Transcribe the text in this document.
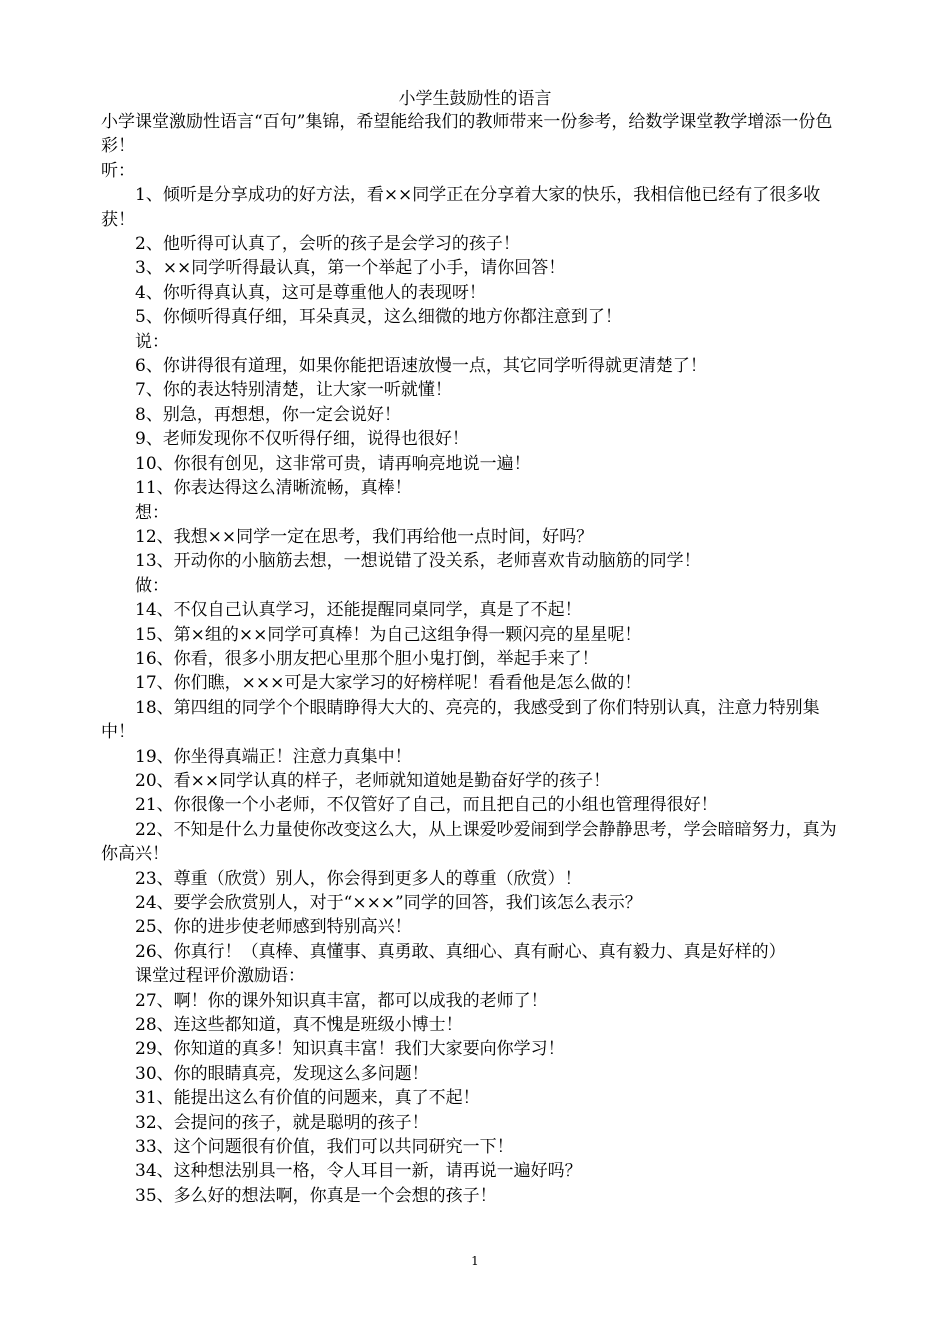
小学生鼓励性的语言

小学课堂激励性语言“百句”集锦，希望能给我们的教师带来一份参考，给数学课堂教学增添一份色彩！

听：

1、倾听是分享成功的好方法，看××同学正在分享着大家的快乐，我相信他已经有了很多收获！

2、他听得可认真了，会听的孩子是会学习的孩子！

3、××同学听得最认真，第一个举起了小手，请你回答！

4、你听得真认真，这可是尊重他人的表现呀！

5、你倾听得真仔细，耳朵真灵，这么细微的地方你都注意到了！

说：

6、你讲得很有道理，如果你能把语速放慢一点，其它同学听得就更清楚了！

7、你的表达特别清楚，让大家一听就懂！

8、别急，再想想，你一定会说好！

9、老师发现你不仅听得仔细，说得也很好！

10、你很有创见，这非常可贵，请再响亮地说一遍！

11、你表达得这么清晰流畅，真棒！

想：

12、我想××同学一定在思考，我们再给他一点时间，好吗？

13、开动你的小脑筋去想，一想说错了没关系，老师喜欢肯动脑筋的同学！

做：

14、不仅自己认真学习，还能提醒同桌同学，真是了不起！

15、第×组的××同学可真棒！为自己这组争得一颗闪亮的星星呢！

16、你看，很多小朋友把心里那个胆小鬼打倒，举起手来了！

17、你们瞧，×××可是大家学习的好榜样呢！看看他是怎么做的！

18、第四组的同学个个眼睛睁得大大的、亮亮的，我感受到了你们特别认真，注意力特别集中！

19、你坐得真端正！注意力真集中！

20、看××同学认真的样子，老师就知道她是勤奋好学的孩子！

21、你很像一个小老师，不仅管好了自己，而且把自己的小组也管理得很好！

22、不知是什么力量使你改变这么大，从上课爱吵爱闹到学会静静思考，学会暗暗努力，真为你高兴！

23、尊重（欣赏）别人，你会得到更多人的尊重（欣赏）！

24、要学会欣赏别人，对于“×××”同学的回答，我们该怎么表示？

25、你的进步使老师感到特别高兴！

26、你真行！（真棒、真懂事、真勇敢、真细心、真有耐心、真有毅力、真是好样的）

课堂过程评价激励语：

27、啊！你的课外知识真丰富，都可以成我的老师了！

28、连这些都知道，真不愧是班级小博士！

29、你知道的真多！知识真丰富！我们大家要向你学习！

30、你的眼睛真亮，发现这么多问题！

31、能提出这么有价值的问题来，真了不起！

32、会提问的孩子，就是聪明的孩子！

33、这个问题很有价值，我们可以共同研究一下！

34、这种想法别具一格，令人耳目一新，请再说一遍好吗？

35、多么好的想法啊，你真是一个会想的孩子！

1
